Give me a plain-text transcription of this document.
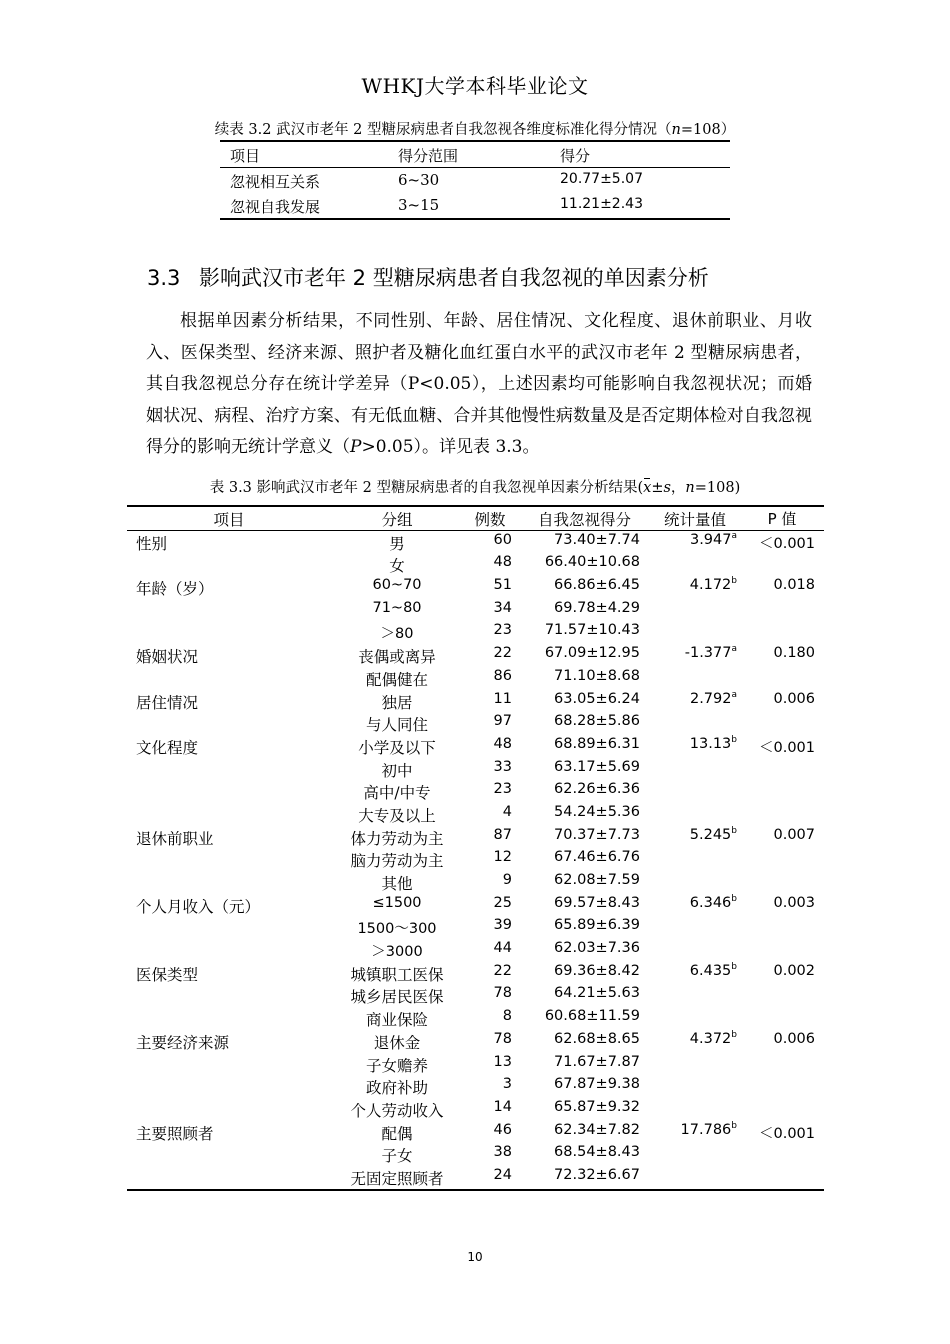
WHKJ大学本科毕业论文
续表 3.2 武汉市老年 2 型糖尿病患者自我忽视各维度标准化得分情况（n=108）
项目	得分范围	得分
忽视相互关系	6~30	20.77±5.07
忽视自我发展	3~15	11.21±2.43
3.3 影响武汉市老年 2 型糖尿病患者自我忽视的单因素分析
根据单因素分析结果，不同性别、年龄、居住情况、文化程度、退休前职业、月收入、医保类型、经济来源、照护者及糖化血红蛋白水平的武汉市老年 2 型糖尿病患者，其自我忽视总分存在统计学差异（P<0.05），上述因素均可能影响自我忽视状况；而婚姻状况、病程、治疗方案、有无低血糖、合并其他慢性病数量及是否定期体检对自我忽视得分的影响无统计学意义（P>0.05）。详见表 3.3。
表 3.3 影响武汉市老年 2 型糖尿病患者的自我忽视单因素分析结果(x±s，n=108)
项目	分组	例数	自我忽视得分	统计量值	P 值
性别	男	60	73.40±7.74	3.947$^a$	＜0.001
女	48	66.40±10.68
年龄（岁）	60~70	51	66.86±6.45	4.172$^b$	0.018
71~80	34	69.78±4.29
＞80	23	71.57±10.43
婚姻状况	丧偶或离异	22	67.09±12.95	-1.377$^a$	0.180
配偶健在	86	71.10±8.68
居住情况	独居	11	63.05±6.24	2.792$^a$	0.006
与人同住	97	68.28±5.86
文化程度	小学及以下	48	68.89±6.31	13.13$^b$	＜0.001
初中	33	63.17±5.69
高中/中专	23	62.26±6.36
大专及以上	4	54.24±5.36
退休前职业	体力劳动为主	87	70.37±7.73	5.245$^b$	0.007
脑力劳动为主	12	67.46±6.76
其他	9	62.08±7.59
个人月收入（元）	≤1500	25	69.57±8.43	6.346$^b$	0.003
1500～300	39	65.89±6.39
＞3000	44	62.03±7.36
医保类型	城镇职工医保	22	69.36±8.42	6.435$^b$	0.002
城乡居民医保	78	64.21±5.63
商业保险	8	60.68±11.59
主要经济来源	退休金	78	62.68±8.65	4.372$^b$	0.006
子女赡养	13	71.67±7.87
政府补助	3	67.87±9.38
个人劳动收入	14	65.87±9.32
主要照顾者	配偶	46	62.34±7.82	17.786$^b$	＜0.001
子女	38	68.54±8.43
无固定照顾者	24	72.32±6.67
10
